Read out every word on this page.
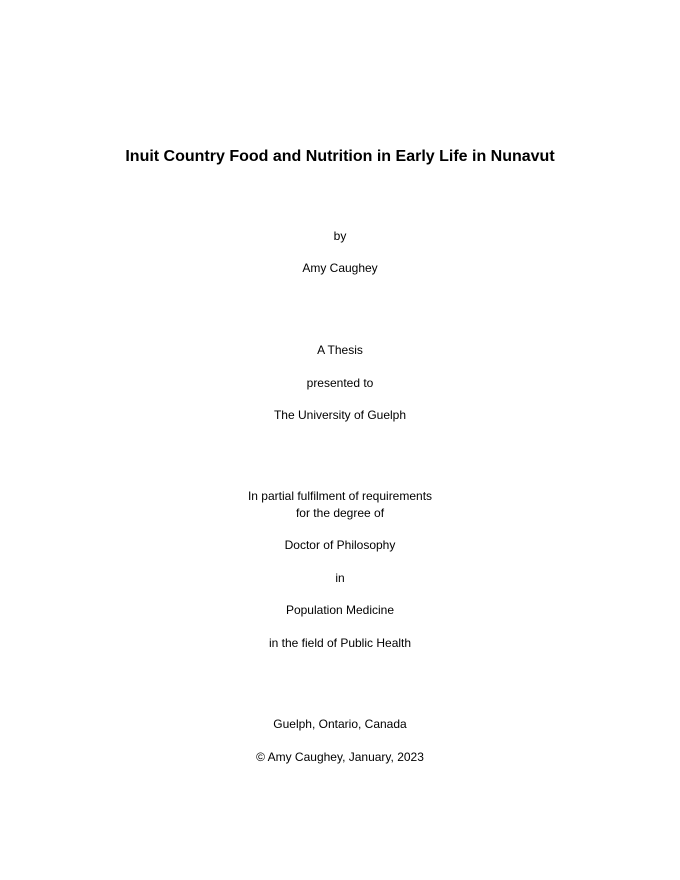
Inuit Country Food and Nutrition in Early Life in Nunavut
by
Amy Caughey
A Thesis
presented to
The University of Guelph
In partial fulfilment of requirements
for the degree of
Doctor of Philosophy
in
Population Medicine
in the field of Public Health
Guelph, Ontario, Canada
© Amy Caughey, January, 2023
